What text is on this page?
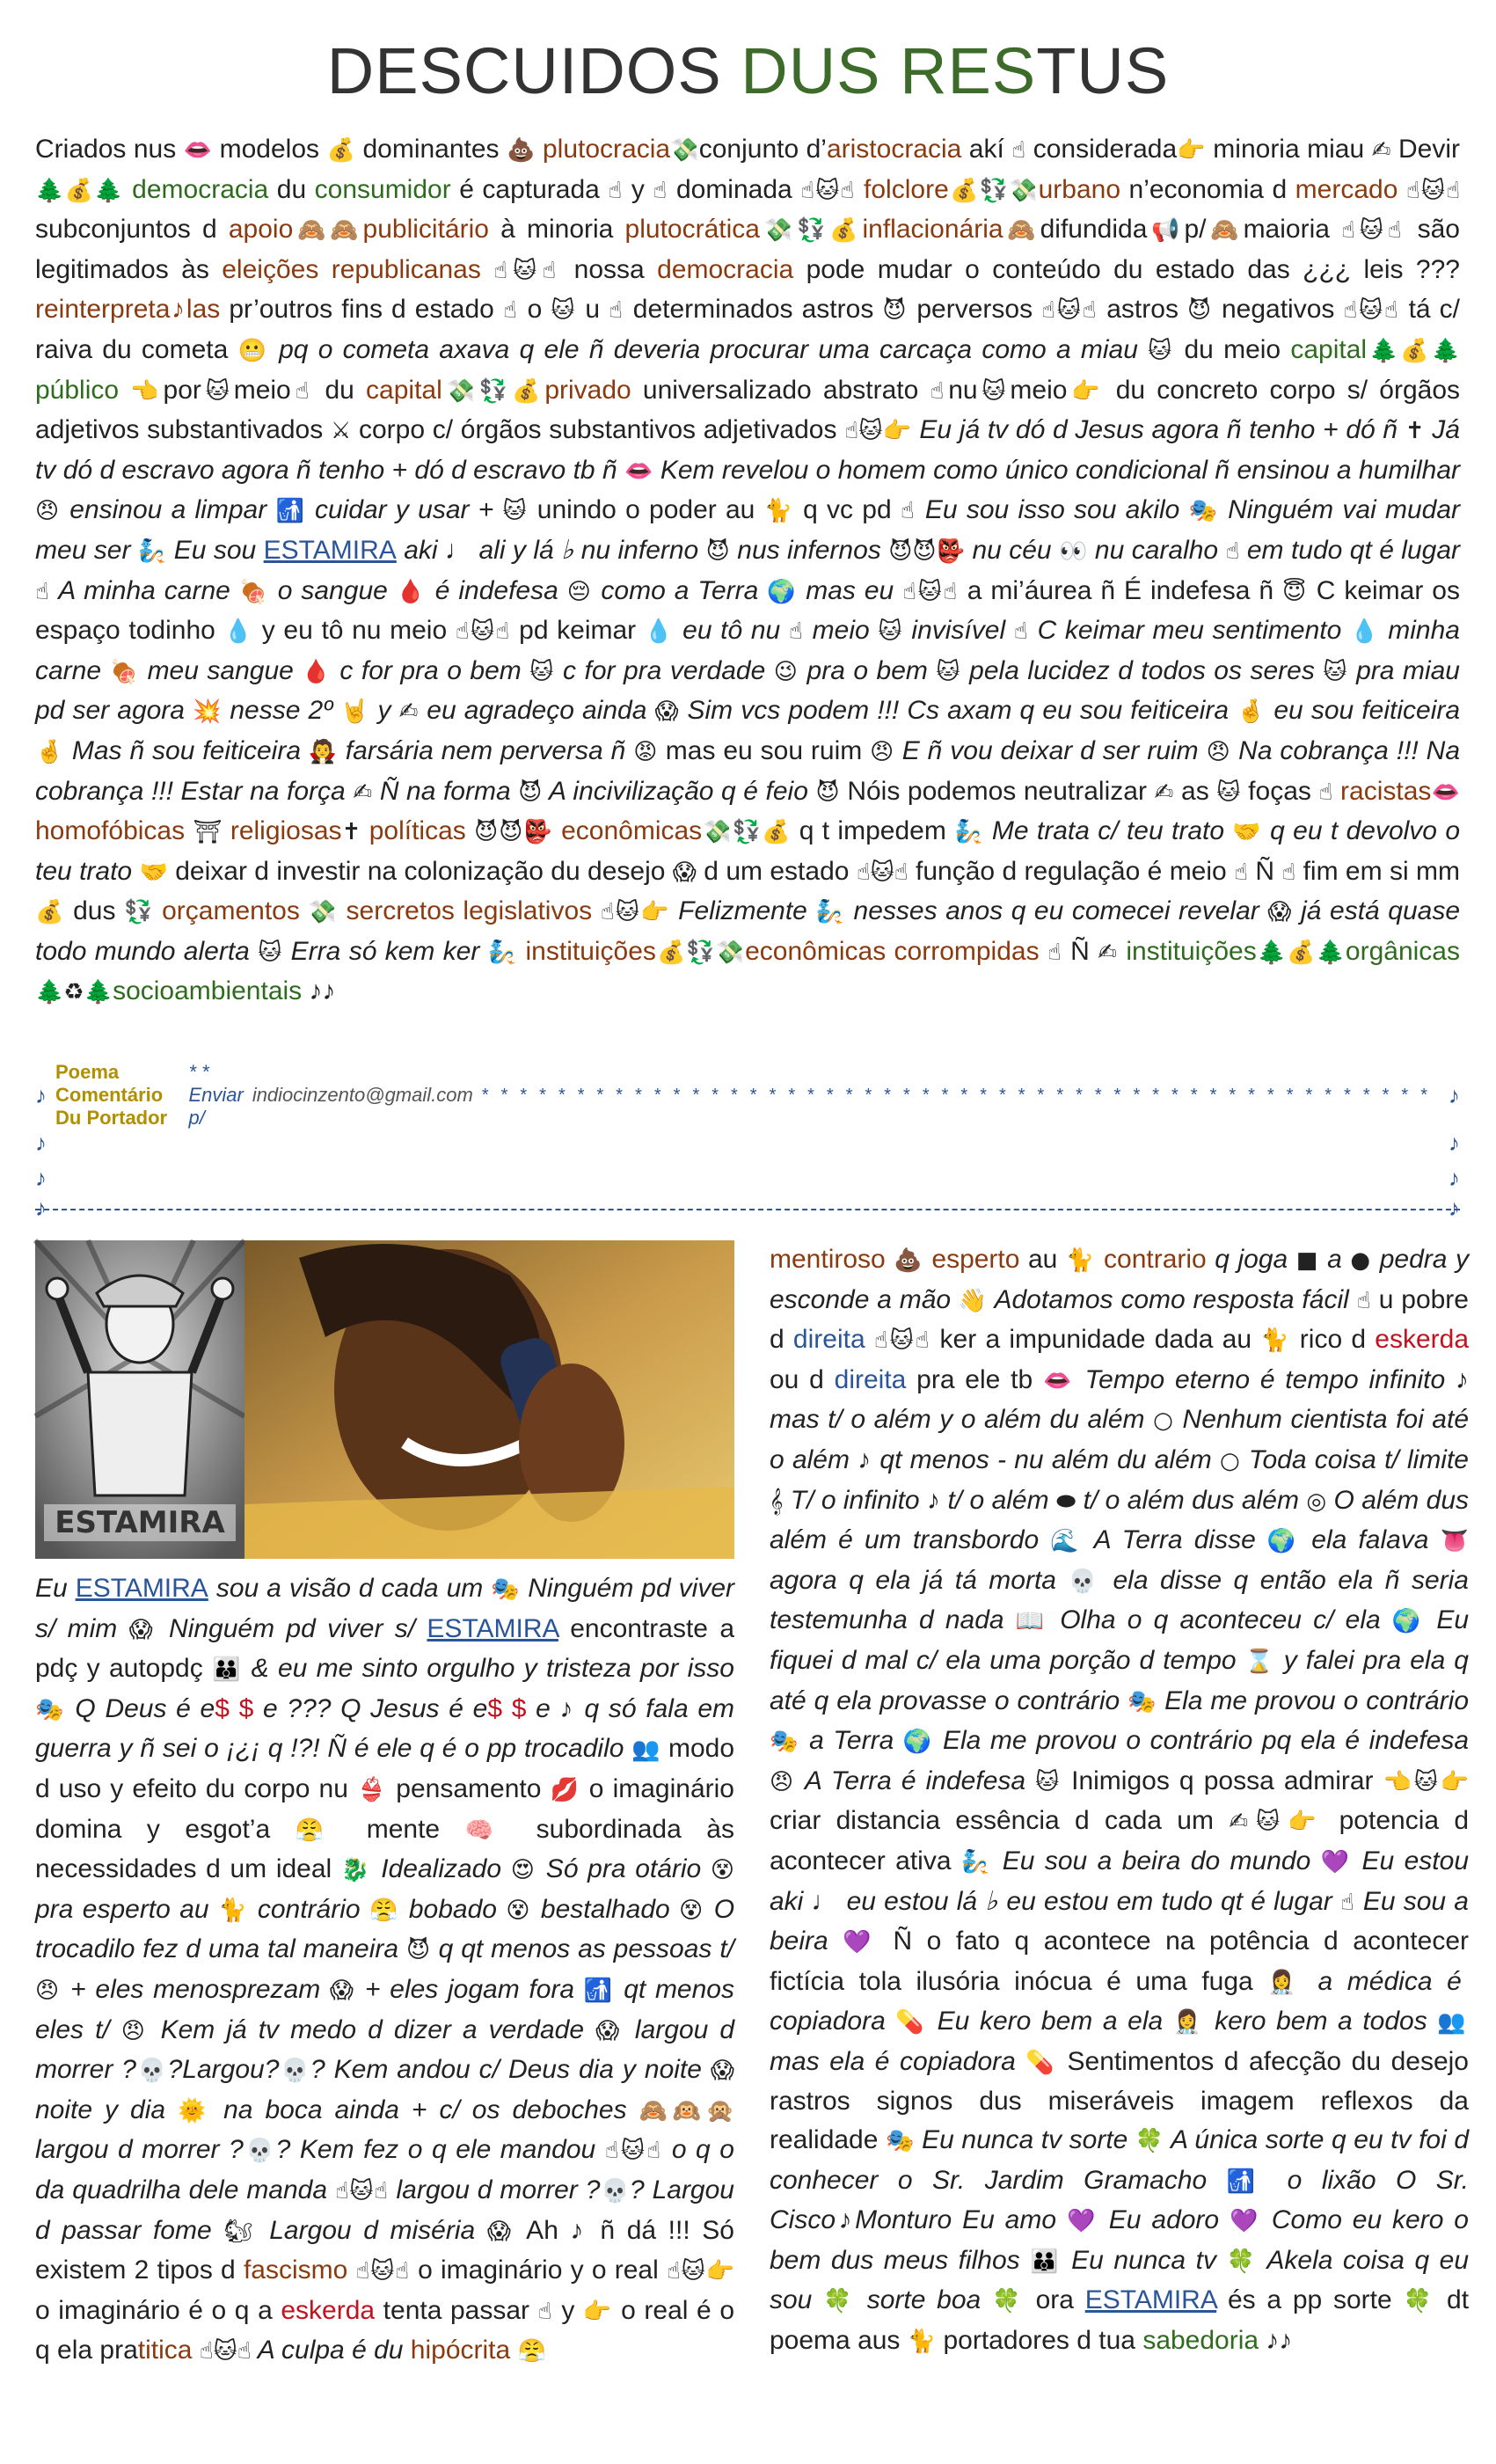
DESCUIDOS DUS RESTUS
Criados nus 👄 modelos 💰 dominantes 💩 plutocracia💸conjunto d’aristocracia akí ☝ considerada👉 minoria miau ✍ Devir 🌲💰🌲 democracia du consumidor é capturada ☝ y ☝ dominada ☝🐱☝ folclore💰💱💸urbano n’economia d mercado ☝🐱☝ subconjuntos d apoio🙈🙈publicitário à minoria plutocrática💸💱💰inflacionária🙈difundida📢p/🙈maioria ☝🐱☝ são legitimados às eleições republicanas ☝🐱☝ nossa democracia pode mudar o conteúdo du estado das ¿¿¿ leis ??? reinterpreta♪las pr’outros fins d estado ☝ o 🐱 u ☝ determinados astros 😈 perversos ☝🐱☝ astros 😈 negativos ☝🐱☝ tá c/ raiva du cometa 😬 pq o cometa axava q ele ñ deveria procurar uma carcaça como a miau 🐱 du meio capital🌲💰🌲público 👈por🐱meio☝ du capital💸💱💰privado universalizado abstrato ☝nu🐱meio👉 du concreto corpo s/ órgãos adjetivos substantivados ⚔ corpo c/ órgãos substantivos adjetivados ☝🐱👉 Eu já tv dó d Jesus agora ñ tenho + dó ñ ✝ Já tv dó d escravo agora ñ tenho + dó d escravo tb ñ 👄 Kem revelou o homem como único condicional ñ ensinou a humilhar 😠 ensinou a limpar 🚮 cuidar y usar + 🐱 unindo o poder au 🐈 q vc pd ☝ Eu sou isso sou akilo 🎭 Ninguém vai mudar meu ser 🧞 Eu sou ESTAMIRA aki ♩ ali y lá ♭ nu inferno 😈 nus infernos 😈😈👺 nu céu 👀 nu caralho ☝ em tudo qt é lugar ☝ A minha carne 🍖 o sangue 🩸 é indefesa 😔 como a Terra 🌍 mas eu ☝🐱☝ a mi’áurea ñ É indefesa ñ 😇 C keimar os espaço todinho 💧 y eu tô nu meio ☝🐱☝ pd keimar 💧 eu tô nu ☝ meio 🐱 invisível ☝ C keimar meu sentimento 💧 minha carne 🍖 meu sangue 🩸 c for pra o bem 🐱 c for pra verdade 😉 pra o bem 🐱 pela lucidez d todos os seres 🐱 pra miau pd ser agora 💥 nesse 2º 🤘 y ✍ eu agradeço ainda 😱 Sim vcs podem !!! Cs axam q eu sou feiticeira 🤞 eu sou feiticeira 🤞 Mas ñ sou feiticeira 🧛 farsária nem perversa ñ 😡 mas eu sou ruim 😠 E ñ vou deixar d ser ruim 😠 Na cobrança !!! Na cobrança !!! Estar na força ✍ Ñ na forma 😈 A incivilização q é feio 😈 Nóis podemos neutralizar ✍ as 🐱 foças ☝ racistas👄 homofóbicas ⛩ religiosas✝ políticas 😈😈👺 econômicas💸💱💰 q t impedem 🧞 Me trata c/ teu trato 🤝 q eu t devolvo o teu trato 🤝 deixar d investir na colonização du desejo 😱 d um estado ☝🐱☝ função d regulação é meio ☝ Ñ ☝ fim em si mm 💰 dus 💱 orçamentos 💸 sercretos legislativos ☝🐱👉 Felizmente 🧞 nesses anos q eu comecei revelar 😱 já está quase todo mundo alerta 🐱 Erra só kem ker 🧞 instituições💰💱💸econômicas corrompidas ☝ Ñ ✍ instituições🌲💰🌲orgânicas🌲♻🌲socioambientais ♪♪
♪
Poema Comentário Du Portador
* * Enviar p/
indiocinzento@gmail.com ************************************************** ♪
♪	♪
♪	♪
♪	♪
ESTAMIRA
Eu ESTAMIRA sou a visão d cada um 🎭 Ninguém pd viver s/ mim 😱 Ninguém pd viver s/ ESTAMIRA encontraste a pdç y autopdç 👪 & eu me sinto orgulho y tristeza por isso 🎭 Q Deus é e$ $ e ??? Q Jesus é e$ $ e ♪ q só fala em guerra y ñ sei o ¡¿¡ q !?! Ñ é ele q é o pp trocadilo 👥 modo d uso y efeito du corpo nu 👙 pensamento 💋 o imaginário domina y esgot’a 😤 mente 🧠 subordinada às necessidades d um ideal 🐉 Idealizado 😍 Só pra otário 😵 pra esperto au 🐈 contrário 😤 bobado 😵 bestalhado 😵 O trocadilo fez d uma tal maneira 😈 q qt menos as pessoas t/ 😠 + eles menosprezam 😱 + eles jogam fora 🚮 qt menos eles t/ 😠 Kem já tv medo d dizer a verdade 😱 largou d morrer ?💀?Largou?💀? Kem andou c/ Deus dia y noite 😱 noite y dia 🌞 na boca ainda + c/ os deboches 🙈🙉🙊 largou d morrer ?💀? Kem fez o q ele mandou ☝🐱☝ o q o da quadrilha dele manda ☝🐱☝ largou d morrer ?💀? Largou d passar fome 🐿 Largou d miséria 😱 Ah ♪ ñ dá !!! Só existem 2 tipos d fascismo ☝🐱☝ o imaginário y o real ☝🐱👉 o imaginário é o q a eskerda tenta passar ☝ y 👉 o real é o q ela pratitica ☝🐱☝ A culpa é du hipócrita 😤
mentiroso 💩 esperto au 🐈 contrario q joga ■ a ● pedra y esconde a mão 👋 Adotamos como resposta fácil ☝ u pobre d direita ☝🐱☝ ker a impunidade dada au 🐈 rico d eskerda ou d direita pra ele tb 👄 Tempo eterno é tempo infinito ♪ mas t/ o além y o além du além ○ Nenhum cientista foi até o além ♪ qt menos - nu além du além ○ Toda coisa t/ limite 𝄞 T/ o infinito ♪ t/ o além ⬬ t/ o além dus além ◎ O além dus além é um transbordo 🌊 A Terra disse 🌍 ela falava 👅 agora q ela já tá morta 💀 ela disse q então ela ñ seria testemunha d nada 📖 Olha o q aconteceu c/ ela 🌍 Eu fiquei d mal c/ ela uma porção d tempo ⌛ y falei pra ela q até q ela provasse o contrário 🎭 Ela me provou o contrário 🎭 a Terra 🌍 Ela me provou o contrário pq ela é indefesa 😠 A Terra é indefesa 🐱 Inimigos q possa admirar 👈🐱👉 criar distancia essência d cada um ✍🐱👉 potencia d acontecer ativa 🧞 Eu sou a beira do mundo 💜 Eu estou aki ♩ eu estou lá ♭ eu estou em tudo qt é lugar ☝ Eu sou a beira 💜 Ñ o fato q acontece na potência d acontecer fictícia tola ilusória inócua é uma fuga 👩‍⚕️ a médica é copiadora 💊 Eu kero bem a ela 👩‍⚕️ kero bem a todos 👥 mas ela é copiadora 💊 Sentimentos d afecção du desejo rastros signos dus miseráveis imagem reflexos da realidade 🎭 Eu nunca tv sorte 🍀 A única sorte q eu tv foi d conhecer o Sr. Jardim Gramacho 🚮 o lixão O Sr. Cisco♪Monturo Eu amo 💜 Eu adoro 💜 Como eu kero o bem dus meus filhos 👪 Eu nunca tv 🍀 Akela coisa q eu sou 🍀 sorte boa 🍀 ora ESTAMIRA és a pp sorte 🍀 dt poema aus 🐈 portadores d tua sabedoria ♪♪
